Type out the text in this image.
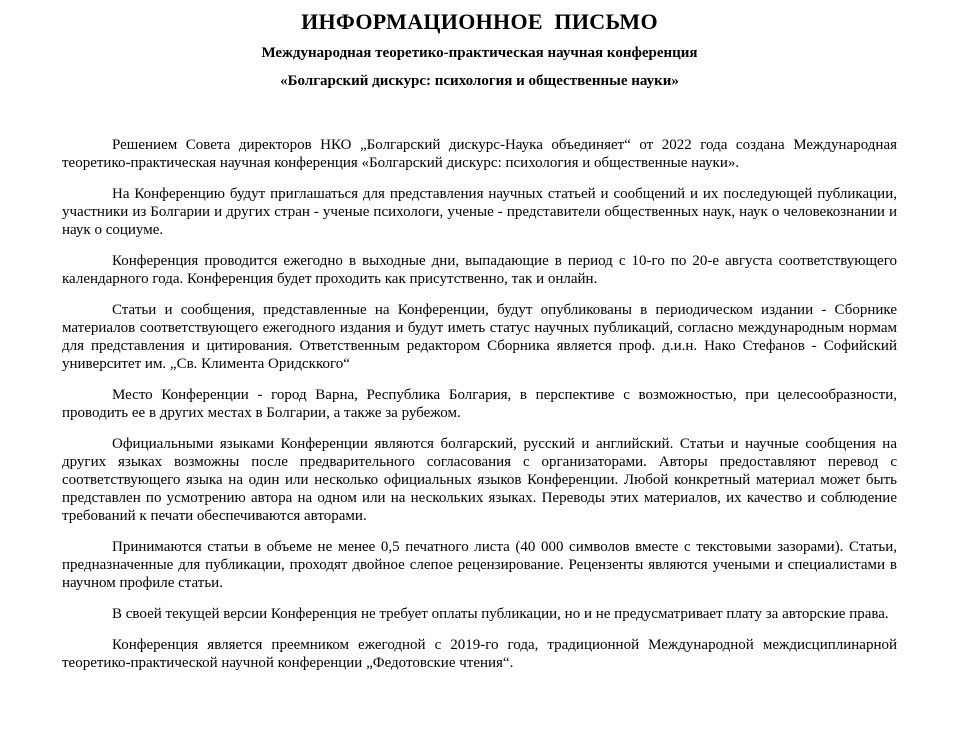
ИНФОРМАЦИОННОЕ  ПИСЬМО
Международная теоретико-практическая научная конференция
«Болгарский дискурс: психология и общественные науки»

Решением Совета директоров НКО „Болгарский дискурс-Наука объединяет“ от 2022 года создана Международная теоретико-практическая научная конференция «Болгарский дискурс: психология и общественные науки».

На Конференцию будут приглашаться для представления научных статьей и сообщений и их последующей публикации, участники из Болгарии и других стран - ученые психологи, ученые - представители общественных наук, наук о человекознании и наук о социуме.

Конференция проводится ежегодно в выходные дни, выпадающие в период с 10-го по 20-е августа соответствующего календарного года. Конференция будет проходить как присутственно, так и онлайн.

Статьи и сообщения, представленные на Конференции, будут опубликованы в периодическом издании - Сборнике материалов соответствующего ежегодного издания и будут иметь статус научных публикаций, согласно международным нормам для представления и цитирования. Ответственным редактором Сборника является проф. д.и.н. Нако Стефанов - Софийский университет им. „Св. Климента Оридсккого“

Место Конференции - город Варна, Республика Болгария, в перспективе с возможностью, при целесообразности, проводить ее в других местах в Болгарии, а также за рубежом.

Официальными языками Конференции являются болгарский, русский и английский. Статьи и научные сообщения на других языках возможны после предварительного согласования с организаторами. Авторы предоставляют перевод с соответствующего языка на один или несколько официальных языков Конференции. Любой конкретный материал может быть представлен по усмотрению автора на одном или на нескольких языках. Переводы этих материалов, их качество и соблюдение требований к печати обеспечиваются авторами.

Принимаются статьи в объеме не менее 0,5 печатного листа (40 000 символов вместе с текстовыми зазорами). Статьи, предназначенные для публикации, проходят двойное слепое рецензирование. Рецензенты являются учеными и специалистами в научном профиле статьи.

В своей текущей версии Конференция не требует оплаты публикации, но и не предусматривает плату за авторские права.

Конференция является преемником ежегодной с 2019-го года, традиционной Международной междисциплинарной теоретико-практической научной конференции „Федотовские чтения“.
